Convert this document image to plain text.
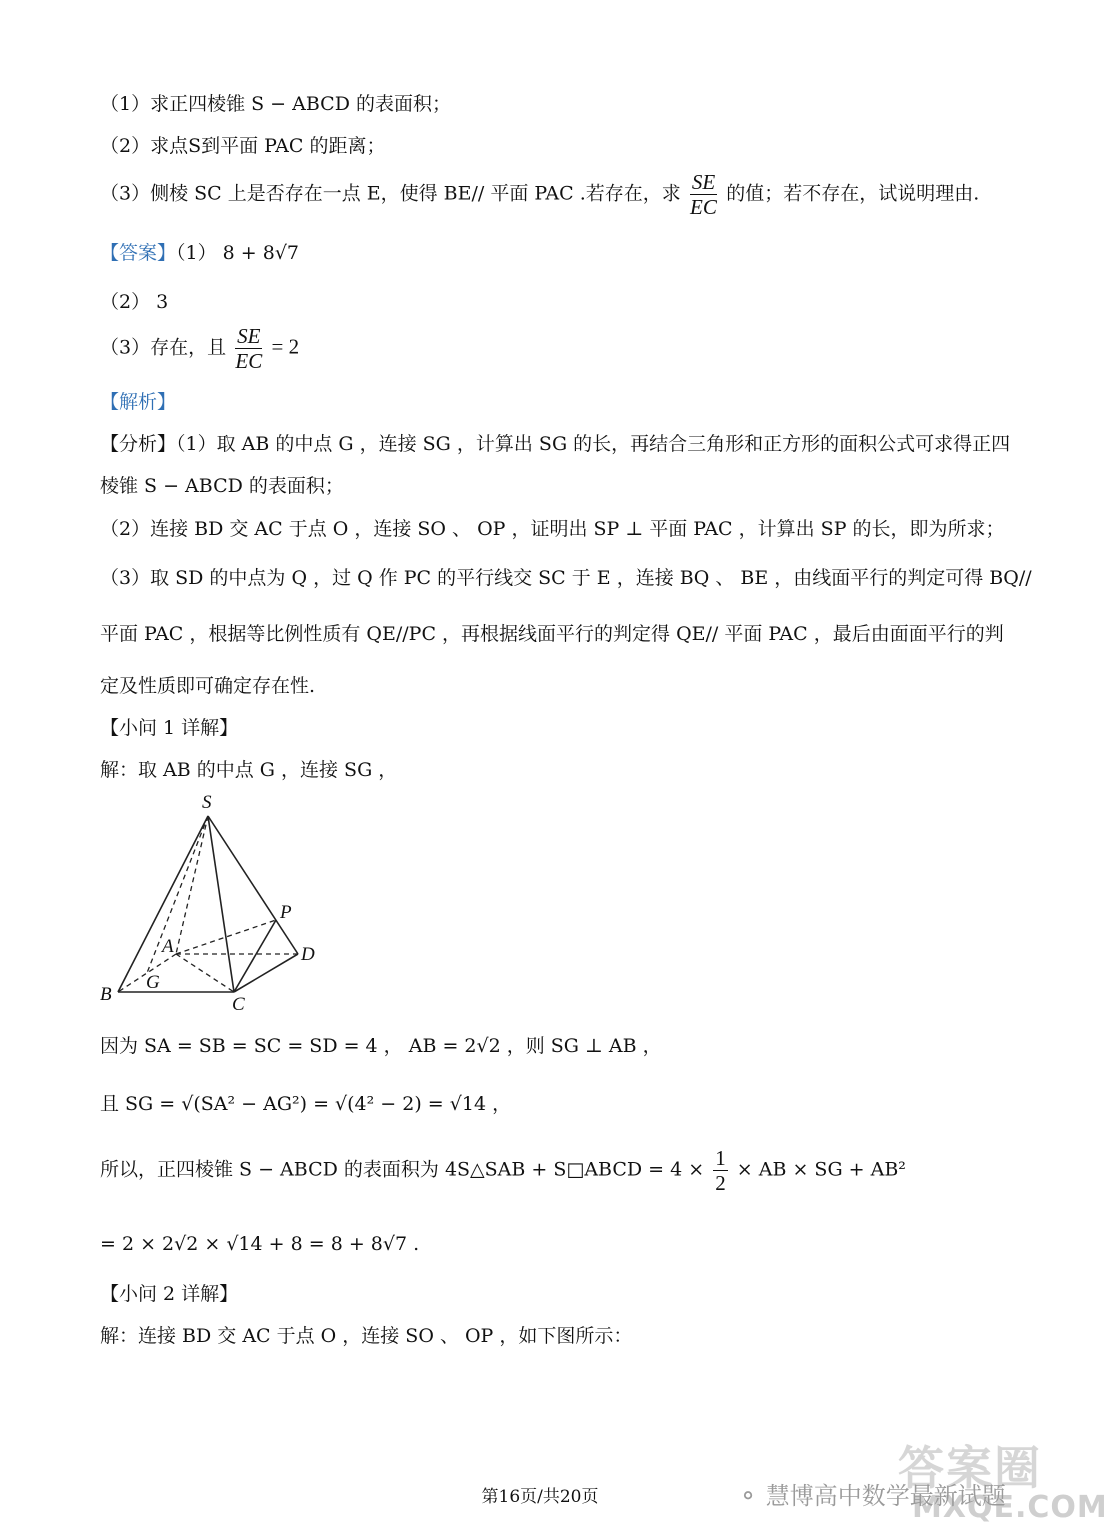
（1）求正四棱锥 S − ABCD 的表面积；
（2）求点S到平面 PAC 的距离；
（3）侧棱 SC 上是否存在一点 E，使得 BE// 平面 PAC .若存在，求 $\frac{SE}{EC}$ 的值；若不存在，试说明理由.
【答案】（1） 8 + 8√7
（2） 3
（3）存在，且 $\frac{SE}{EC} = 2$
【解析】
【分析】（1）取 AB 的中点 G ，连接 SG ，计算出 SG 的长，再结合三角形和正方形的面积公式可求得正四
棱锥 S − ABCD 的表面积；
（2）连接 BD 交 AC 于点 O ，连接 SO 、 OP ，证明出 SP ⊥ 平面 PAC ，计算出 SP 的长，即为所求；
（3）取 SD 的中点为 Q ，过 Q 作 PC 的平行线交 SC 于 E ，连接 BQ 、 BE ，由线面平行的判定可得 BQ//
平面 PAC ，根据等比例性质有 QE//PC ，再根据线面平行的判定得 QE// 平面 PAC ，最后由面面平行的判
定及性质即可确定存在性.
【小问 1 详解】
解：取 AB 的中点 G ，连接 SG ，
S
P
A	D
B
G
C
因为 SA = SB = SC = SD = 4 ， AB = 2√2 ，则 SG ⊥ AB ，
且 SG = √(SA² − AG²) = √(4² − 2) = √14 ，
所以，正四棱锥 S − ABCD 的表面积为 4S△SAB + S□ABCD = $4 \times \frac{1}{2}$ × AB × SG + AB²
= 2 × 2√2 × √14 + 8 = 8 + 8√7 .
【小问 2 详解】
解：连接 BD 交 AC 于点 O ，连接 SO 、 OP ，如下图所示：
答案圈
MXQE.COM
⚬ 慧博高中数学最新试题
第16页/共20页
